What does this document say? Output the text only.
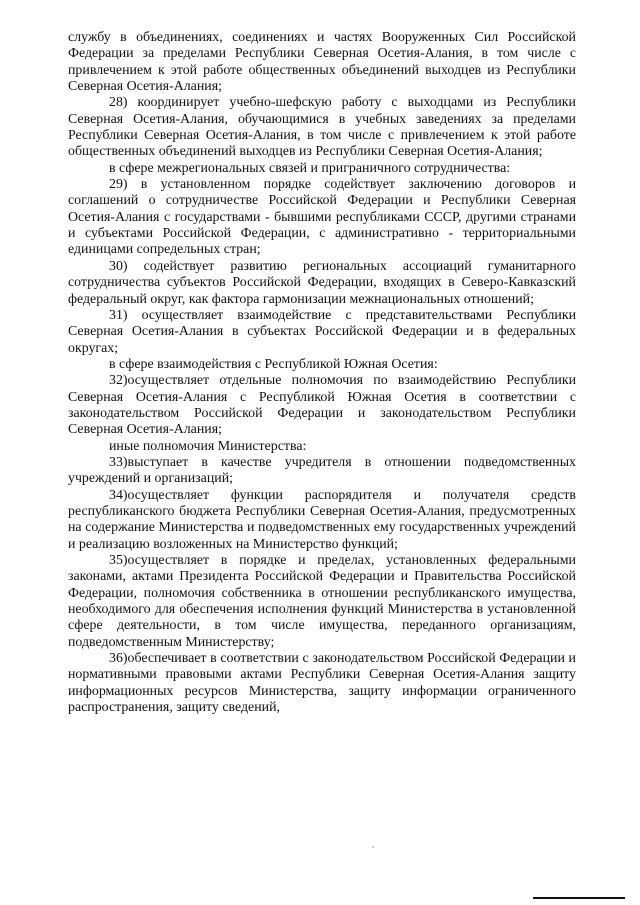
службу в объединениях, соединениях и частях Вооруженных Сил Российской Федерации за пределами Республики Северная Осетия-Алания, в том числе с привлечением к этой работе общественных объединений выходцев из Республики Северная Осетия-Алания;

28) координирует учебно-шефскую работу с выходцами из Республики Северная Осетия-Алания, обучающимися в учебных заведениях за пределами Республики Северная Осетия-Алания, в том числе с привлечением к этой работе общественных объединений выходцев из Республики Северная Осетия-Алания;

в сфере межрегиональных связей и приграничного сотрудничества:

29) в установленном порядке содействует заключению договоров и соглашений о сотрудничестве Российской Федерации и Республики Северная Осетия-Алания с государствами - бывшими республиками СССР, другими странами и субъектами Российской Федерации, с административно - территориальными единицами сопредельных стран;

30) содействует развитию региональных ассоциаций гуманитарного сотрудничества субъектов Российской Федерации, входящих в Северо-Кавказский федеральный округ, как фактора гармонизации межнациональных отношений;

31) осуществляет взаимодействие с представительствами Республики Северная Осетия-Алания в субъектах Российской Федерации и в федеральных округах;

в сфере взаимодействия с Республикой Южная Осетия:

32)осуществляет отдельные полномочия по взаимодействию Республики Северная Осетия-Алания с Республикой Южная Осетия в соответствии с законодательством Российской Федерации и законодательством Республики Северная Осетия-Алания;

иные полномочия Министерства:

33)выступает в качестве учредителя в отношении подведомственных учреждений и организаций;

34)осуществляет функции распорядителя и получателя средств республиканского бюджета Республики Северная Осетия-Алания, предусмотренных на содержание Министерства и подведомственных ему государственных учреждений и реализацию возложенных на Министерство функций;

35)осуществляет в порядке и пределах, установленных федеральными законами, актами Президента Российской Федерации и Правительства Российской Федерации, полномочия собственника в отношении республиканского имущества, необходимого для обеспечения исполнения функций Министерства в установленной сфере деятельности, в том числе имущества, переданного организациям, подведомственным Министерству;

36)обеспечивает в соответствии с законодательством Российской Федерации и нормативными правовыми актами Республики Северная Осетия-Алания защиту информационных ресурсов Министерства, защиту информации ограниченного распространения, защиту сведений,
